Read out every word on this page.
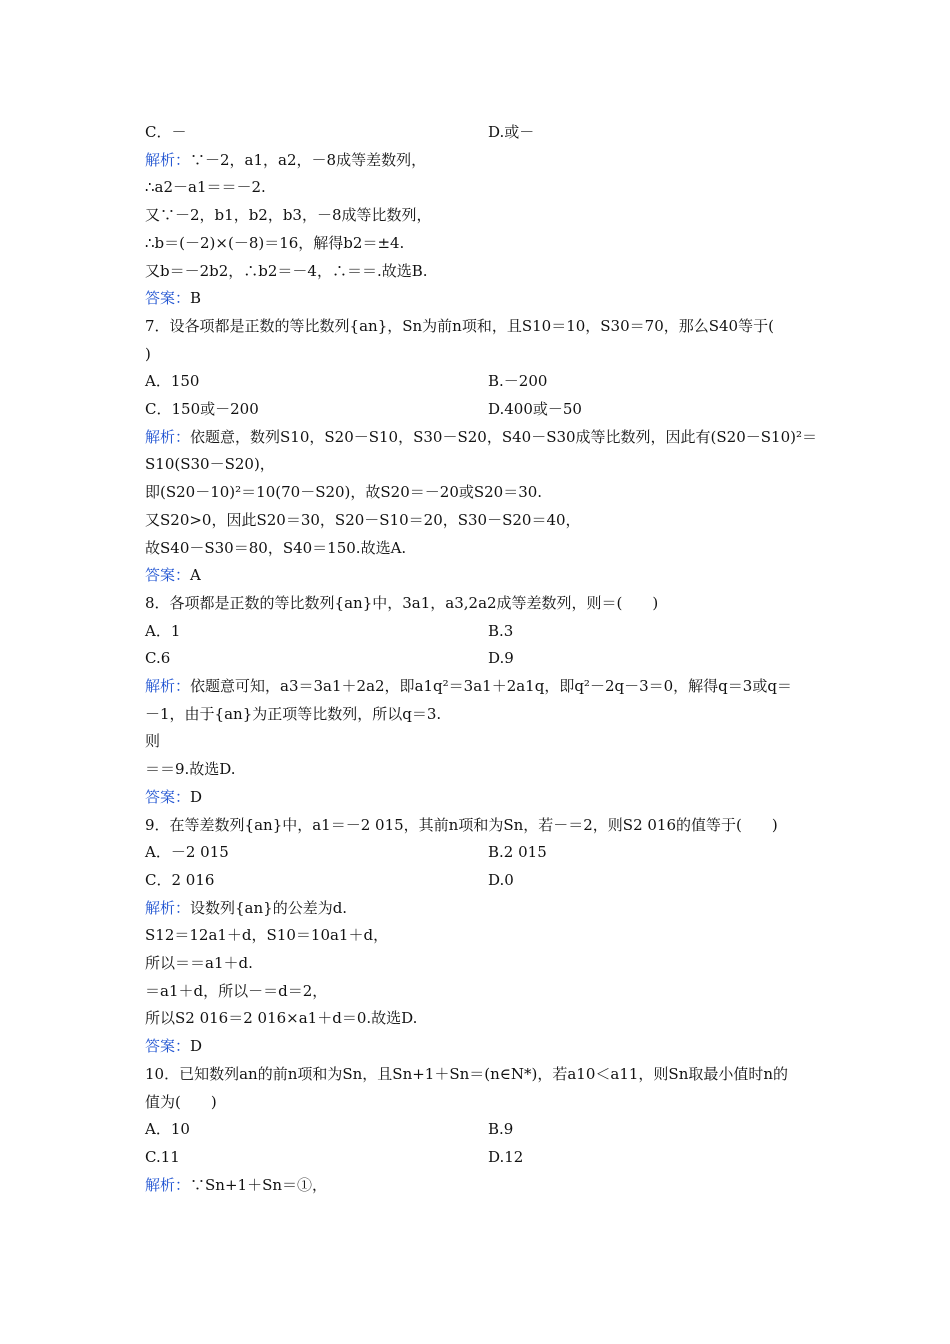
C．－	D.或－
解析：∵－2，a1，a2，－8成等差数列，
∴a2－a1＝＝－2.
又∵－2，b1，b2，b3，－8成等比数列，
∴b＝(－2)×(－8)＝16，解得b2＝±4.
又b＝－2b2，∴b2＝－4，∴＝＝.故选B.
答案：B
7．设各项都是正数的等比数列{an}，Sn为前n项和，且S10＝10，S30＝70，那么S40等于(
)
A．150	B.－200
C．150或－200	D.400或－50
解析：依题意，数列S10，S20－S10，S30－S20，S40－S30成等比数列，因此有(S20－S10)²＝
S10(S30－S20)，
即(S20－10)²＝10(70－S20)，故S20＝－20或S20＝30.
又S20>0，因此S20＝30，S20－S10＝20，S30－S20＝40，
故S40－S30＝80，S40＝150.故选A.
答案：A
8．各项都是正数的等比数列{an}中，3a1，a3,2a2成等差数列，则＝(　　)
A．1	B.3
C.6	D.9
解析：依题意可知，a3＝3a1＋2a2，即a1q²＝3a1＋2a1q，即q²－2q－3＝0，解得q＝3或q＝
－1，由于{an}为正项等比数列，所以q＝3.
则
＝＝9.故选D.
答案：D
9．在等差数列{an}中，a1＝－2 015，其前n项和为Sn，若－＝2，则S2 016的值等于(　　)
A．－2 015	B.2 015
C．2 016	D.0
解析：设数列{an}的公差为d.
S12＝12a1＋d，S10＝10a1＋d，
所以＝＝a1＋d.
＝a1＋d，所以－＝d＝2，
所以S2 016＝2 016×a1＋d＝0.故选D.
答案：D
10．已知数列an的前n项和为Sn，且Sn+1＋Sn＝(n∈N*)，若a10＜a11，则Sn取最小值时n的
值为(　　)
A．10	B.9
C.11	D.12
解析：∵Sn+1＋Sn＝①，
